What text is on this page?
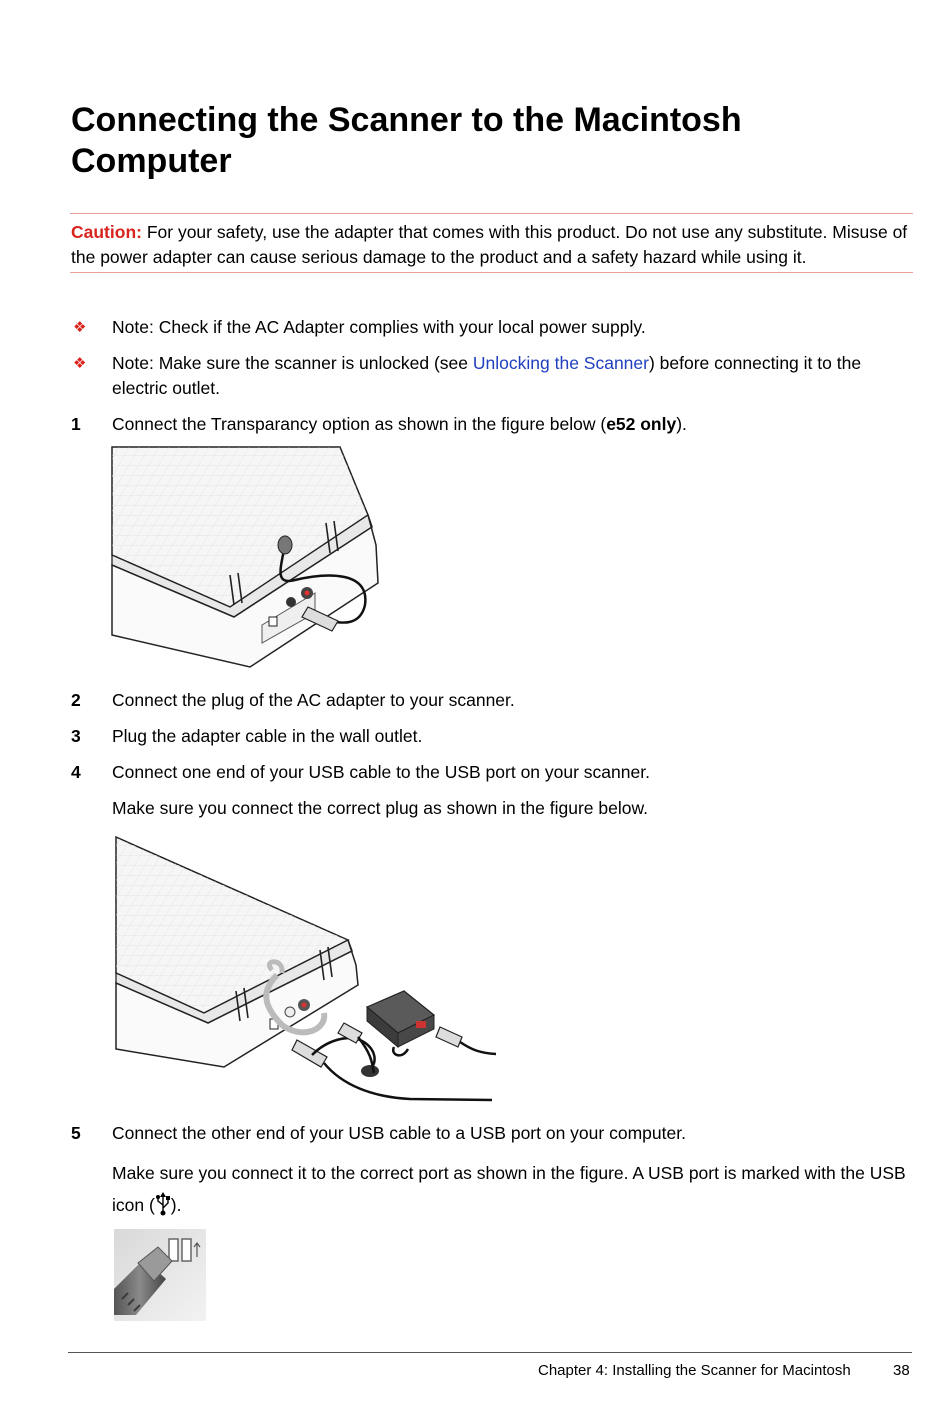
Connecting the Scanner to the Macintosh Computer
Caution: For your safety, use the adapter that comes with this product. Do not use any substitute. Misuse of the power adapter can cause serious damage to the product and a safety hazard while using it.
❖	Note: Check if the AC Adapter complies with your local power supply.
❖	Note: Make sure the scanner is unlocked (see Unlocking the Scanner) before connecting it to the electric outlet.
1	Connect the Transparancy option as shown in the figure below (e52 only).
2	Connect the plug of the AC adapter to your scanner.
3	Plug the adapter cable in the wall outlet.
4	Connect one end of your USB cable to the USB port on your scanner.
Make sure you connect the correct plug as shown in the figure below.
5	Connect the other end of your USB cable to a USB port on your computer.
Make sure you connect it to the correct port as shown in the figure. A USB port is marked with the USB icon ( ).
Chapter 4: Installing the Scanner for Macintosh	38
